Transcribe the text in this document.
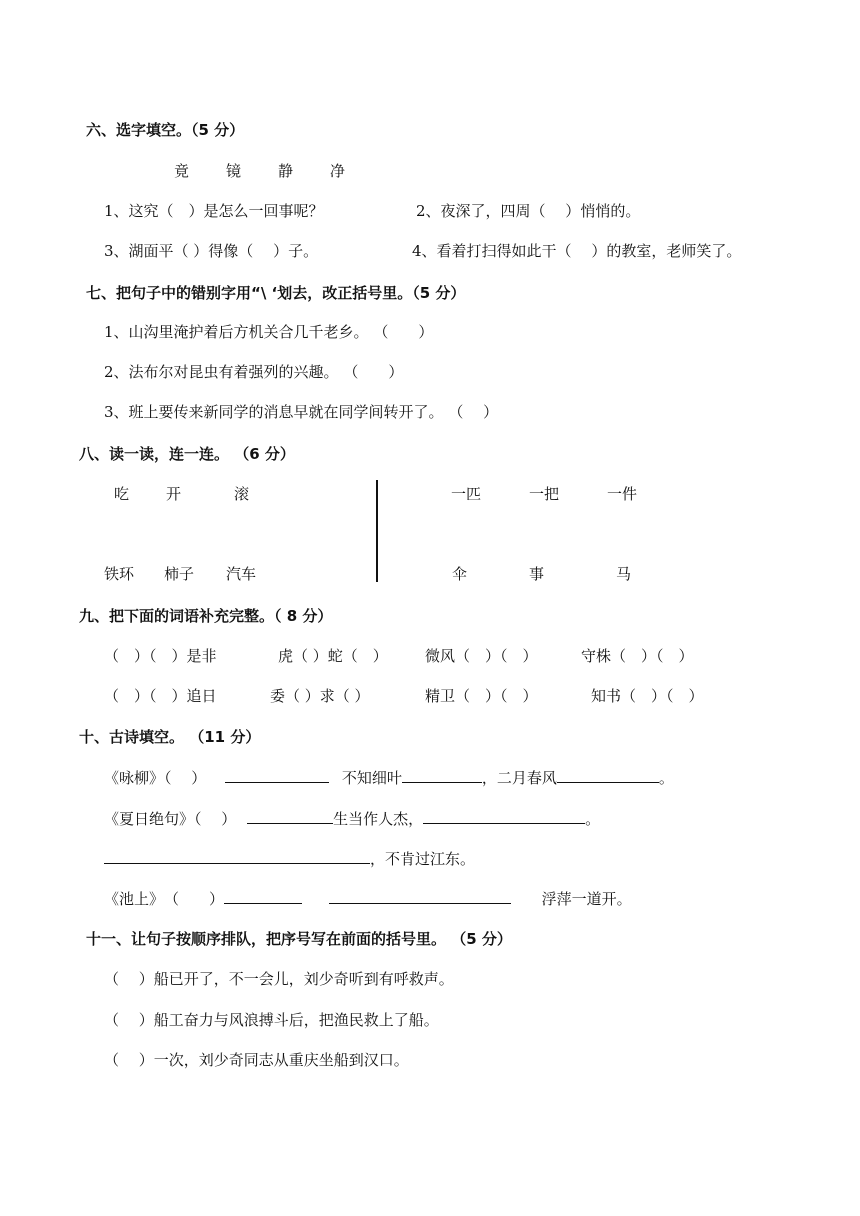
六、选字填空。（5 分）
竟 镜 静 净
1、这究（　）是怎么一回事呢？	2、夜深了，四周（　 ）悄悄的。
3、湖面平（ ）得像（　 ）子。	4、看着打扫得如此干（　 ）的教室，老师笑了。
七、把句子中的错别字用“\ ‘划去，改正括号里。（5 分）
1、山沟里淹护着后方机关合几千老乡。 （　　）
2、法布尔对昆虫有着强列的兴趣。 （　　）
3、班上要传来新同学的消息早就在同学间转开了。 （　 ）
八、读一读，连一连。 （6 分）
吃 开	滚
铁环 柿子 汽车
一匹	一把	一件
伞	事	马
九、把下面的词语补充完整。（ 8 分）
（　）（　）是非	虎（ ）蛇（　） 微风（　）（　）	守株（　）（　）
（　）（　）追日	委（ ）求（ ）	精卫（　）（　）	知书（　）（　）
十、古诗填空。 （11 分）
《咏柳》（　 ）	不知细叶	，二月春风	。
《夏日绝句》（　 ）	生当作人杰，	。
，不肯过江东。
《池上》　（　　）	浮萍一道开。
十一、让句子按顺序排队，把序号写在前面的括号里。 （5 分）
（　 ）船已开了，不一会儿，刘少奇听到有呼救声。
（　 ）船工奋力与风浪搏斗后，把渔民救上了船。
（　 ）一次，刘少奇同志从重庆坐船到汉口。
